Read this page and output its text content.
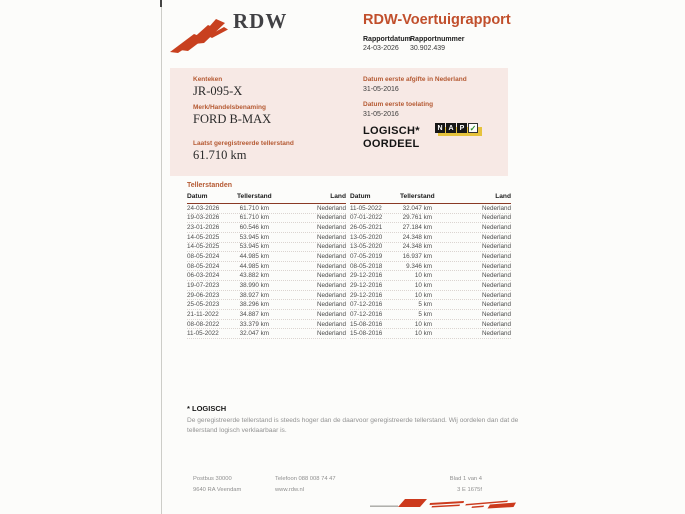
RDW	RDW-Voertuigrapport
Rapportdatum Rapportnummer
24-03-2026 30.902.439
Kenteken
JR-095-X
Merk/Handelsbenaming
FORD B-MAX
Laatst geregistreerde tellerstand
61.710 km
Datum eerste afgifte in Nederland
31-05-2016
Datum eerste toelating
31-05-2016
LOGISCH*
OORDEEL
N A P ✓
Tellerstanden
Datum	Tellerstand	Land
24-03-2026	61.710 km	Nederland
19-03-2026	61.710 km	Nederland
23-01-2026	60.546 km	Nederland
14-05-2025	53.945 km	Nederland
14-05-2025	53.945 km	Nederland
08-05-2024	44.985 km	Nederland
08-05-2024	44.985 km	Nederland
06-03-2024	43.882 km	Nederland
19-07-2023	38.990 km	Nederland
29-06-2023	38.927 km	Nederland
25-05-2023	38.296 km	Nederland
21-11-2022	34.887 km	Nederland
08-08-2022	33.379 km	Nederland
11-05-2022	32.047 km	Nederland
Datum	Tellerstand	Land
11-05-2022	32.047 km	Nederland
07-01-2022	29.761 km	Nederland
26-05-2021	27.184 km	Nederland
13-05-2020	24.348 km	Nederland
13-05-2020	24.348 km	Nederland
07-05-2019	16.937 km	Nederland
08-05-2018	9.346 km	Nederland
29-12-2016	10 km	Nederland
29-12-2016	10 km	Nederland
29-12-2016	10 km	Nederland
07-12-2016	5 km	Nederland
07-12-2016	5 km	Nederland
15-08-2016	10 km	Nederland
15-08-2016	10 km	Nederland
* LOGISCH
De geregistreerde tellerstand is steeds hoger dan de daarvoor geregistreerde tellerstand. Wij oordelen dan dat de tellerstand logisch verklaarbaar is.
Postbus 30000
9640 RA Veendam
Telefoon 088 008 74 47
www.rdw.nl
Blad 1 van 4
3 E 1675f
